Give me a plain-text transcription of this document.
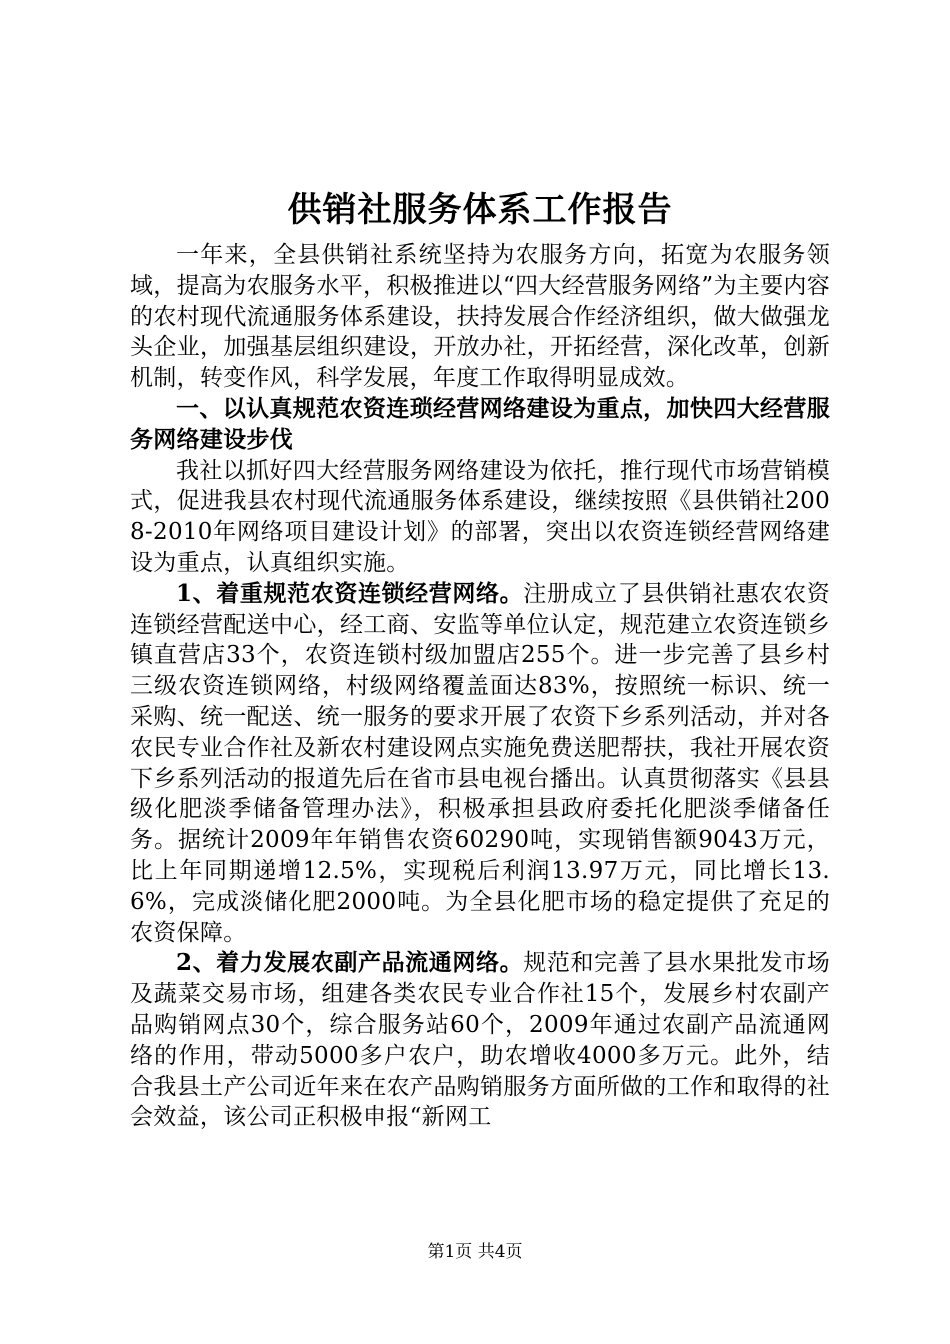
供销社服务体系工作报告

一年来，全县供销社系统坚持为农服务方向，拓宽为农服务领域，提高为农服务水平，积极推进以“四大经营服务网络”为主要内容的农村现代流通服务体系建设，扶持发展合作经济组织，做大做强龙头企业，加强基层组织建设，开放办社，开拓经营，深化改革，创新机制，转变作风，科学发展，年度工作取得明显成效。

一、以认真规范农资连琐经营网络建设为重点，加快四大经营服务网络建设步伐

我社以抓好四大经营服务网络建设为依托，推行现代市场营销模式，促进我县农村现代流通服务体系建设，继续按照《县供销社2008-2010年网络项目建设计划》的部署，突出以农资连锁经营网络建设为重点，认真组织实施。

1、着重规范农资连锁经营网络。注册成立了县供销社惠农农资连锁经营配送中心，经工商、安监等单位认定，规范建立农资连锁乡镇直营店33个，农资连锁村级加盟店255个。进一步完善了县乡村三级农资连锁网络，村级网络覆盖面达83%，按照统一标识、统一采购、统一配送、统一服务的要求开展了农资下乡系列活动，并对各农民专业合作社及新农村建设网点实施免费送肥帮扶，我社开展农资下乡系列活动的报道先后在省市县电视台播出。认真贯彻落实《县县级化肥淡季储备管理办法》，积极承担县政府委托化肥淡季储备任务。据统计2009年年销售农资60290吨，实现销售额9043万元，比上年同期递增12.5%，实现税后利润13.97万元，同比增长13.6%，完成淡储化肥2000吨。为全县化肥市场的稳定提供了充足的农资保障。

2、着力发展农副产品流通网络。规范和完善了县水果批发市场及蔬菜交易市场，组建各类农民专业合作社15个，发展乡村农副产品购销网点30个，综合服务站60个，2009年通过农副产品流通网络的作用，带动5000多户农户，助农增收4000多万元。此外，结合我县土产公司近年来在农产品购销服务方面所做的工作和取得的社会效益，该公司正积极申报“新网工

第1页 共4页
